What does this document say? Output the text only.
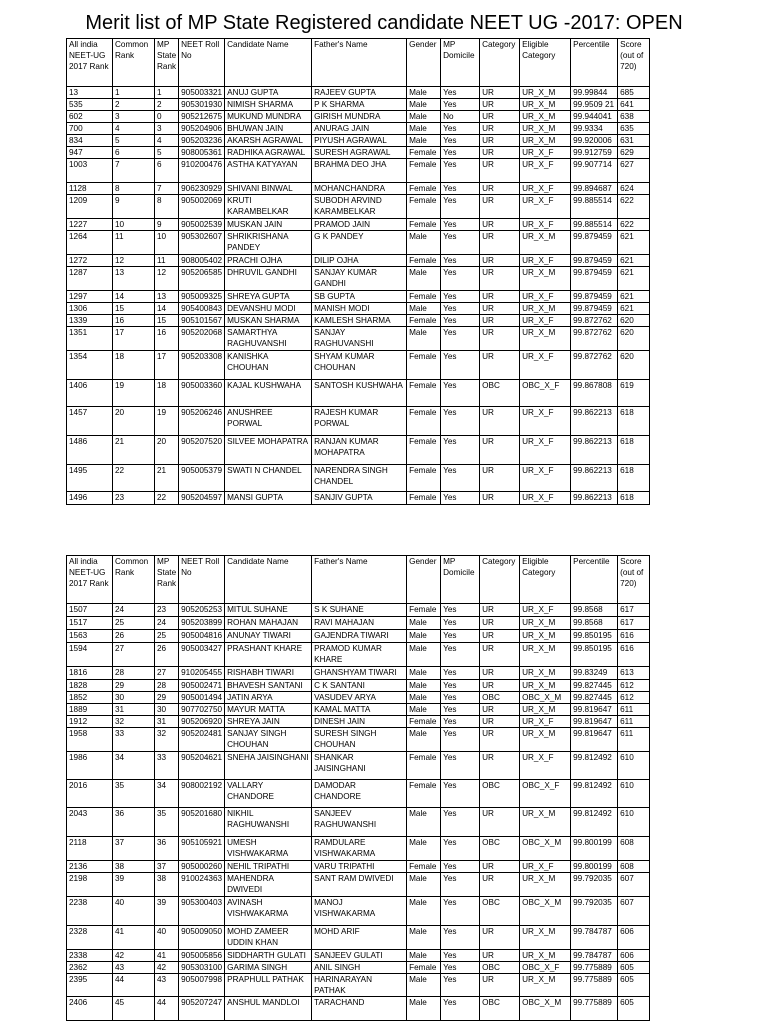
Merit list of MP State Registered candidate NEET UG -2017: OPEN
All india NEET-UG 2017 Rank	Common Rank	MP State Rank	NEET Roll No	Candidate Name	Father's Name	Gender	MP Domicile	Category	Eligible Category	Percentile	Score (out of 720)
13	1	1	905003321	ANUJ GUPTA	RAJEEV GUPTA	Male	Yes	UR	UR_X_M	99.99844	685
535	2	2	905301930	NIMISH SHARMA	P K SHARMA	Male	Yes	UR	UR_X_M	99.9509 21	641
602	3	0	905212675	MUKUND MUNDRA	GIRISH MUNDRA	Male	No	UR	UR_X_M	99.944041	638
700	4	3	905204906	BHUWAN JAIN	ANURAG JAIN	Male	Yes	UR	UR_X_M	99.9334	635
834	5	4	905203236	AKARSH AGRAWAL	PIYUSH AGRAWAL	Male	Yes	UR	UR_X_M	99.920006	631
947	6	5	908005361	RADHIKA AGRAWAL	SURESH AGRAWAL	Female	Yes	UR	UR_X_F	99.912759	629
1003	7	6	910200476	ASTHA KATYAYAN	BRAHMA DEO JHA	Female	Yes	UR	UR_X_F	99.907714	627
1128	8	7	906230929	SHIVANI BINWAL	MOHANCHANDRA	Female	Yes	UR	UR_X_F	99.894687	624
1209	9	8	905002069	KRUTI KARAMBELKAR	SUBODH ARVIND KARAMBELKAR	Female	Yes	UR	UR_X_F	99.885514	622
1227	10	9	905002539	MUSKAN JAIN	PRAMOD JAIN	Female	Yes	UR	UR_X_F	99.885514	622
1264	11	10	905302607	SHRIKRISHANA PANDEY	G K PANDEY	Male	Yes	UR	UR_X_M	99.879459	621
1272	12	11	908005402	PRACHI OJHA	DILIP OJHA	Female	Yes	UR	UR_X_F	99.879459	621
1287	13	12	905206585	DHRUVIL GANDHI	SANJAY KUMAR GANDHI	Male	Yes	UR	UR_X_M	99.879459	621
1297	14	13	905009325	SHREYA GUPTA	SB GUPTA	Female	Yes	UR	UR_X_F	99.879459	621
1306	15	14	905400843	DEVANSHU MODI	MANISH MODI	Male	Yes	UR	UR_X_M	99.879459	621
1339	16	15	905101567	MUSKAN SHARMA	KAMLESH SHARMA	Female	Yes	UR	UR_X_F	99.872762	620
1351	17	16	905202068	SAMARTHYA RAGHUVANSHI	SANJAY RAGHUVANSHI	Male	Yes	UR	UR_X_M	99.872762	620
1354	18	17	905203308	KANISHKA CHOUHAN	SHYAM KUMAR CHOUHAN	Female	Yes	UR	UR_X_F	99.872762	620
1406	19	18	905003360	KAJAL KUSHWAHA	SANTOSH KUSHWAHA	Female	Yes	OBC	OBC_X_F	99.867808	619
1457	20	19	905206246	ANUSHREE PORWAL	RAJESH KUMAR PORWAL	Female	Yes	UR	UR_X_F	99.862213	618
1486	21	20	905207520	SILVEE MOHAPATRA	RANJAN KUMAR MOHAPATRA	Female	Yes	UR	UR_X_F	99.862213	618
1495	22	21	905005379	SWATI N CHANDEL	NARENDRA SINGH CHANDEL	Female	Yes	UR	UR_X_F	99.862213	618
1496	23	22	905204597	MANSI GUPTA	SANJIV GUPTA	Female	Yes	UR	UR_X_F	99.862213	618
All india NEET-UG 2017 Rank	Common Rank	MP State Rank	NEET Roll No	Candidate Name	Father's Name	Gender	MP Domicile	Category	Eligible Category	Percentile	Score (out of 720)
1507	24	23	905205253	MITUL SUHANE	S K SUHANE	Female	Yes	UR	UR_X_F	99.8568	617
1517	25	24	905203899	ROHAN MAHAJAN	RAVI MAHAJAN	Male	Yes	UR	UR_X_M	99.8568	617
1563	26	25	905004816	ANUNAY TIWARI	GAJENDRA TIWARI	Male	Yes	UR	UR_X_M	99.850195	616
1594	27	26	905003427	PRASHANT KHARE	PRAMOD KUMAR KHARE	Male	Yes	UR	UR_X_M	99.850195	616
1816	28	27	910205455	RISHABH TIWARI	GHANSHYAM TIWARI	Male	Yes	UR	UR_X_M	99.83249	613
1828	29	28	905002471	BHAVESH SANTANI	C K SANTANI	Male	Yes	UR	UR_X_M	99.827445	612
1852	30	29	905001494	JATIN ARYA	VASUDEV ARYA	Male	Yes	OBC	OBC_X_M	99.827445	612
1889	31	30	907702750	MAYUR MATTA	KAMAL MATTA	Male	Yes	UR	UR_X_M	99.819647	611
1912	32	31	905206920	SHREYA JAIN	DINESH JAIN	Female	Yes	UR	UR_X_F	99.819647	611
1958	33	32	905202481	SANJAY SINGH CHOUHAN	SURESH SINGH CHOUHAN	Male	Yes	UR	UR_X_M	99.819647	611
1986	34	33	905204621	SNEHA JAISINGHANI	SHANKAR JAISINGHANI	Female	Yes	UR	UR_X_F	99.812492	610
2016	35	34	908002192	VALLARY CHANDORE	DAMODAR CHANDORE	Female	Yes	OBC	OBC_X_F	99.812492	610
2043	36	35	905201680	NIKHIL RAGHUWANSHI	SANJEEV RAGHUWANSHI	Male	Yes	UR	UR_X_M	99.812492	610
2118	37	36	905105921	UMESH VISHWAKARMA	RAMDULARE VISHWAKARMA	Male	Yes	OBC	OBC_X_M	99.800199	608
2136	38	37	905000260	NEHIL TRIPATHI	VARU TRIPATHI	Female	Yes	UR	UR_X_F	99.800199	608
2198	39	38	910024363	MAHENDRA DWIVEDI	SANT RAM DWIVEDI	Male	Yes	UR	UR_X_M	99.792035	607
2238	40	39	905300403	AVINASH VISHWAKARMA	MANOJ VISHWAKARMA	Male	Yes	OBC	OBC_X_M	99.792035	607
2328	41	40	905009050	MOHD ZAMEER UDDIN KHAN	MOHD ARIF	Male	Yes	UR	UR_X_M	99.784787	606
2338	42	41	905005856	SIDDHARTH GULATI	SANJEEV GULATI	Male	Yes	UR	UR_X_M	99.784787	606
2362	43	42	905303100	GARIMA SINGH	ANIL SINGH	Female	Yes	OBC	OBC_X_F	99.775889	605
2395	44	43	905007998	PRAPHULL PATHAK	HARINARAYAN PATHAK	Male	Yes	UR	UR_X_M	99.775889	605
2406	45	44	905207247	ANSHUL MANDLOI	TARACHAND	Male	Yes	OBC	OBC_X_M	99.775889	605
